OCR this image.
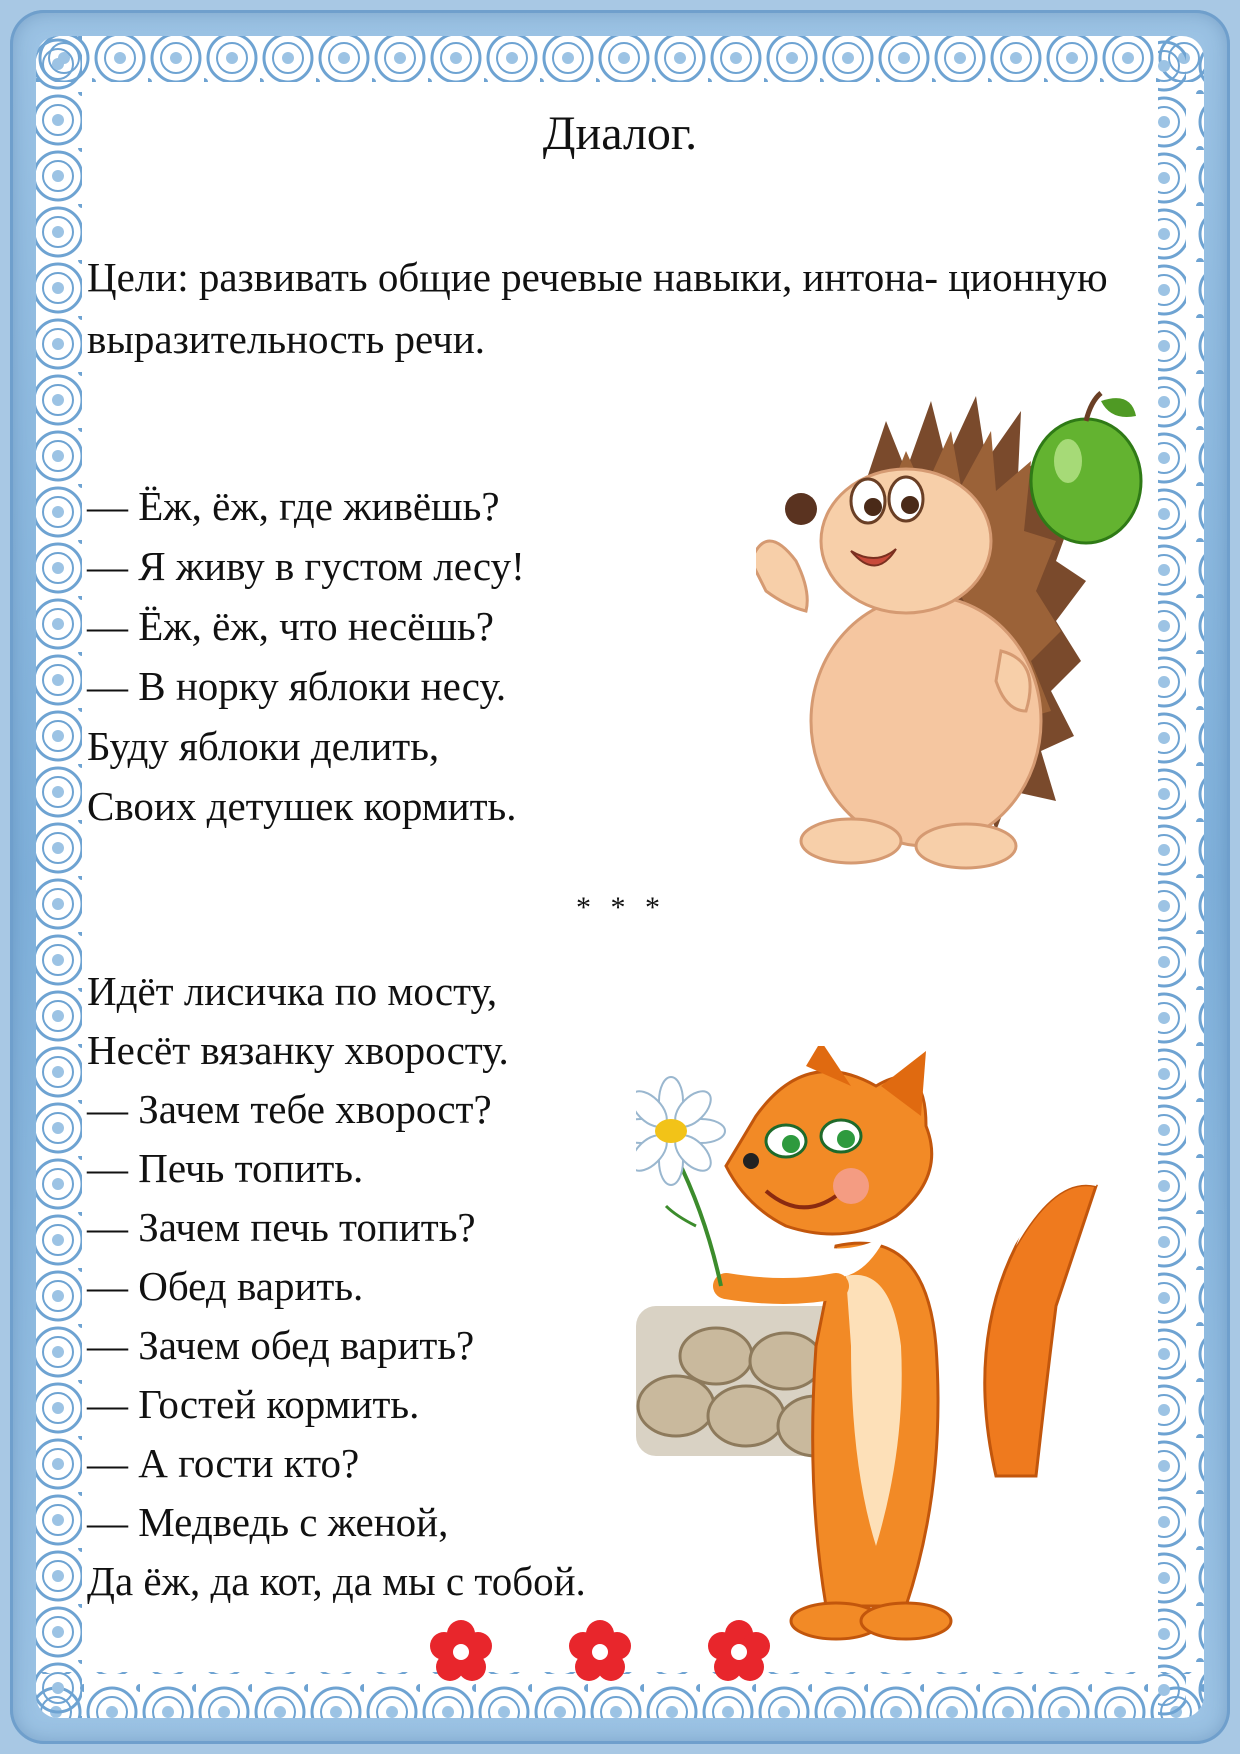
Диалог.

Цели: развивать общие речевые навыки, интона- ционную выразительность речи.

— Ёж, ёж, где живёшь?
— Я живу в густом лесу!
— Ёж, ёж, что несёшь?
— В норку яблоки несу.
Буду яблоки делить,
Своих детушек кормить.
* * *
Идёт лисичка по мосту,
Несёт вязанку хворосту.
— Зачем тебе хворост?
— Печь топить.
— Зачем печь топить?
— Обед варить.
— Зачем обед варить?
— Гостей кормить.
— А гости кто?
— Медведь с женой,
Да ёж, да кот, да мы с тобой.
